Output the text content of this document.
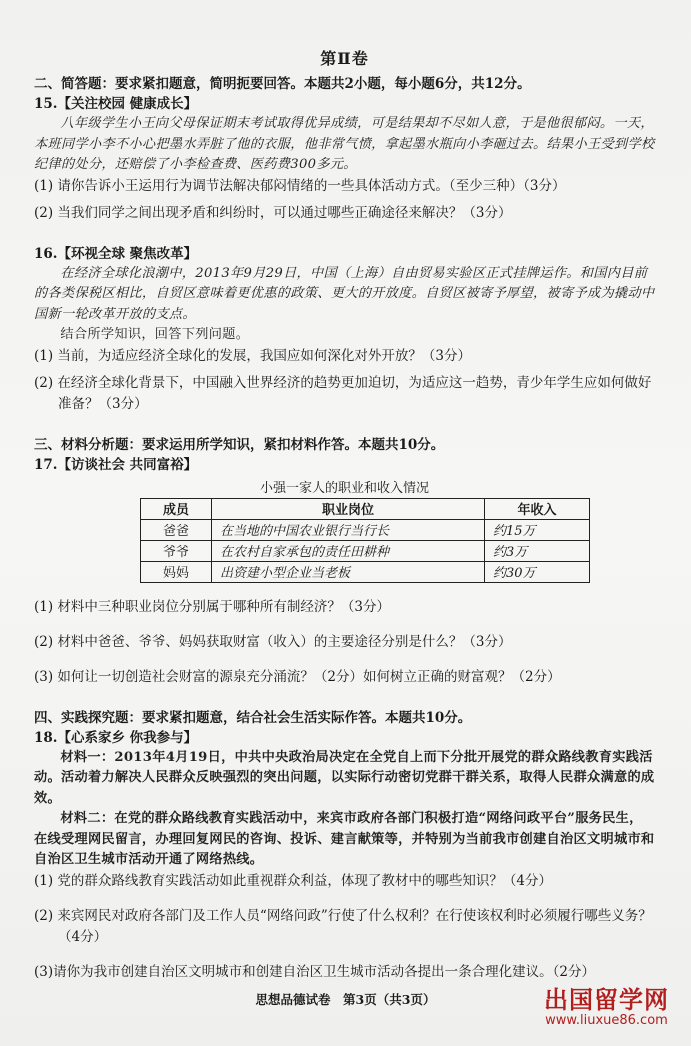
第Ⅱ卷

二、简答题：要求紧扣题意，简明扼要回答。本题共2小题，每小题6分，共12分。

15.【关注校园 健康成长】

八年级学生小王向父母保证期末考试取得优异成绩，可是结果却不尽如人意，于是他很郁闷。一天，本班同学小李不小心把墨水弄脏了他的衣服，他非常气愤，拿起墨水瓶向小李砸过去。结果小王受到学校纪律的处分，还赔偿了小李检查费、医药费300多元。

(1) 请你告诉小王运用行为调节法解决郁闷情绪的一些具体活动方式。（至少三种）（3分）

(2) 当我们同学之间出现矛盾和纠纷时，可以通过哪些正确途径来解决？（3分）

16.【环视全球 聚焦改革】

在经济全球化浪潮中，2013年9月29日，中国（上海）自由贸易实验区正式挂牌运作。和国内目前的各类保税区相比，自贸区意味着更优惠的政策、更大的开放度。自贸区被寄予厚望，被寄予成为撬动中国新一轮改革开放的支点。

结合所学知识，回答下列问题。

(1) 当前，为适应经济全球化的发展，我国应如何深化对外开放？（3分）

(2) 在经济全球化背景下，中国融入世界经济的趋势更加迫切，为适应这一趋势，青少年学生应如何做好准备？（3分）

三、材料分析题：要求运用所学知识，紧扣材料作答。本题共10分。

17.【访谈社会 共同富裕】

小强一家人的职业和收入情况
成员	职业岗位	年收入
爸爸	在当地的中国农业银行当行长	约15万
爷爷	在农村自家承包的责任田耕种	约3万
妈妈	出资建小型企业当老板	约30万

(1) 材料中三种职业岗位分别属于哪种所有制经济？（3分）

(2) 材料中爸爸、爷爷、妈妈获取财富（收入）的主要途径分别是什么？（3分）

(3) 如何让一切创造社会财富的源泉充分涌流？（2分）如何树立正确的财富观？（2分）

四、实践探究题：要求紧扣题意，结合社会生活实际作答。本题共10分。

18.【心系家乡 你我参与】

材料一：2013年4月19日，中共中央政治局决定在全党自上而下分批开展党的群众路线教育实践活动。活动着力解决人民群众反映强烈的突出问题，以实际行动密切党群干群关系，取得人民群众满意的成效。

材料二：在党的群众路线教育实践活动中，来宾市政府各部门积极打造“网络问政平台”服务民生，在线受理网民留言，办理回复网民的咨询、投诉、建言献策等，并特别为当前我市创建自治区文明城市和自治区卫生城市活动开通了网络热线。

(1) 党的群众路线教育实践活动如此重视群众利益，体现了教材中的哪些知识？（4分）

(2) 来宾网民对政府各部门及工作人员“网络问政”行使了什么权利？在行使该权利时必须履行哪些义务？（4分）

(3)请你为我市创建自治区文明城市和创建自治区卫生城市活动各提出一条合理化建议。（2分）

思想品德试卷　第3页（共3页）	出国留学网
www.liuxue86.com
